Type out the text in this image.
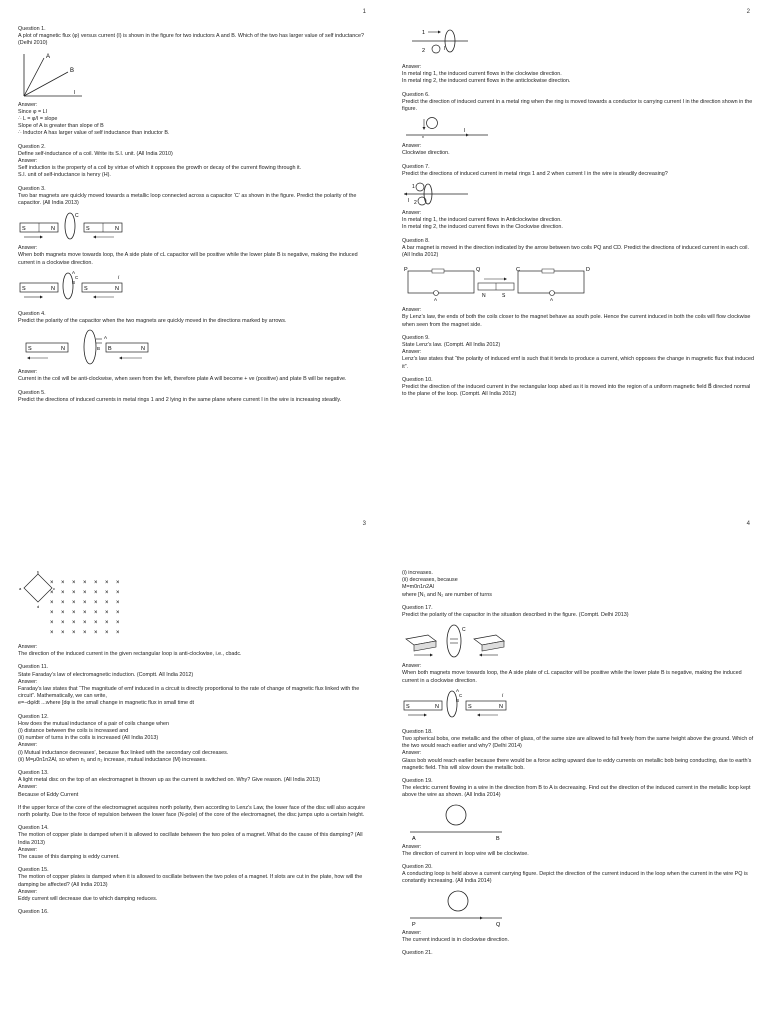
1
Question 1.
A plot of magnetic flux (φ) versus current (I) is shown in the figure for two inductors A and B. Which of the two has larger value of self inductance? (Delhi 2010)
A
B
I
Answer:
Since φ = LI
∴ L = φ/I = slope
Slope of A is greater than slope of B
∴ Inductor A has larger value of self inductance than inductor B.
Question 2.
Define self-inductance of a coil. Write its S.I. unit. (All India 2010)
Answer:
Self induction is the property of a coil by virtue of which it opposes the growth or decay of the current flowing through it.
S.I. unit of self-inductance is henry (H).
Question 3.
Two bar magnets are quickly moved towards a metallic loop connected across a capacitor ‘C’ as shown in the figure. Predict the polarity of the capacitor. (All India 2013)
S	N
C
S	N
Answer:
When both magnets move towards loop, the A side plate of cL capacitor will be positive while the lower plate B is negative, making the induced current in a clockwise direction.
S	N
A
C
B
S	N
i
Question 4.
Predict the polarity of the capacitor when the two magnets are quickly moved in the directions marked by arrows.
S	N
A
B B	N
Answer:
Current in the coil will be anti-clockwise, when seen from the left, therefore plate A will become + ve (positive) and plate B will be negative.
Question 5.
Predict the directions of induced currents in metal rings 1 and 2 lying in the same plane where current I in the wire is increasing steadily.
2
1
2	I
Answer:
In metal ring 1, the induced current flows in the clockwise direction.
In metal ring 2, the induced current flows in the anticlockwise direction.
Question 6.
Predict the direction of induced current in a metal ring when the ring is moved towards a conductor is carrying current I in the direction shown in the figure.
v
I
Answer:
Clockwise direction.
Question 7.
Predict the directions of induced current in metal rings 1 and 2 when current I in the wire is steadily decreasing?
1
I 2
Answer:
In metal ring 1, the induced current flows in Anticlockwise direction.
In metal ring 2, the induced current flows in the Clockwise direction.
Question 8.
A bar magnet is moved in the direction indicated by the arrow between two coils PQ and CD. Predict the directions of induced current in each coil. (All India 2012)
P	Q
A
N	S
C	D
A
Answer:
By Lenz’s law, the ends of both the coils closer to the magnet behave as south pole. Hence the current induced in both the coils will flow clockwise when seen from the magnet side.
Question 9.
State Lenz’s law. (Comptt. All India 2012)
Answer:
Lenz’s law states that “the polarity of induced emf is such that it tends to produce a current, which opposes the change in magnetic flux that induced it”.
Question 10.
Predict the direction of the induced current in the rectangular loop abed as it is moved into the region of a uniform magnetic field B⃗ directed normal to the plane of the loop. (Comptt. All India 2012)
3
× × × × × × ×
× × × × × × ×
× × × × × × ×
× × × × × × ×
× × × × × × ×
× × × × × × ×
b
a	c
d
Answer:
The direction of the induced current in the given rectangular loop is anti-clockwise, i.e., cbadc.
Question 11.
State Faraday’s law of electromagnetic induction. (Comptt. All India 2012)
Answer:
Faraday’s law states that “The magnitude of emf induced in a circuit is directly proportional to the rate of change of magnetic flux linked with the circuit”. Mathematically, we can write,
e=−dφ/dt ...where [dφ is the small change in magnetic flux in small time dt
Question 12.
How does the mutual inductance of a pair of coils change when
(i) distance between the coils is increased and
(ii) number of turns in the coils is increased (All India 2013)
Answer:
(i) Mutual inductance decreases’, because flux linked with the secondary coil decreases.
(ii) M=μ0n1n2Al, so when n₁ and n₂ increase, mutual inductance (M) increases.
Question 13.
A light metal disc on the top of an electromagnet is thrown up as the current is switched on. Why? Give reason. (All India 2013)
Answer:
Because of Eddy Current
If the upper force of the core of the electromagnet acquires north polarity, then according to Lenz’s Law, the lower face of the disc will also acquire north polarity. Due to the force of repulsion between the lower face (N-pole) of the core of the electromagnet, the disc jumps upto a certain height.
Question 14.
The motion of copper plate is damped when it is allowed to oscillate between the two poles of a magnet. What do the cause of this damping? (All India 2013)
Answer:
The cause of this damping is eddy current.
Question 15.
The motion of copper plates is damped when it is allowed to oscillate between the two poles of a magnet. If slots are cut in the plate, how will the damping be affected? (All India 2013)
Answer:
Eddy current will decrease due to which damping reduces.
Question 16.
4
(i) increases.
(ii) decreases, because
M=m0n1n2Al
where [N₁ and N₂ are number of turns
Question 17.
Predict the polarity of the capacitor in the situation described in the figure. (Comptt. Delhi 2013)
C
Answer:
When both magnets move towards loop, the A side plate of cL capacitor will be positive while the lower plate B is negative, making the induced current in a clockwise direction.
S	N
A
C
B
S	N
i
Question 18.
Two spherical bobs, one metallic and the other of glass, of the same size are allowed to fall freely from the same height above the ground. Which of the two would reach earlier and why? (Delhi 2014)
Answer:
Glass bob would reach earlier because there would be a force acting upward due to eddy currents on metallic bob being conducting, due to earth’s magnetic field. This will slow down the metallic bob.
Question 19.
The electric current flowing in a wire in the direction from B to A is decreasing. Find out the direction of the induced current in the metallic loop kept above the wire as shown. (All India 2014)
A	B
Answer:
The direction of current in loop wire will be clockwise.
Question 20.
A conducting loop is held above a current carrying figure. Depict the direction of the current induced in the loop when the current in the wire PQ is constantly increasing. (All India 2014)
P	Q
Answer:
The current induced is in clockwise direction.
Question 21.
